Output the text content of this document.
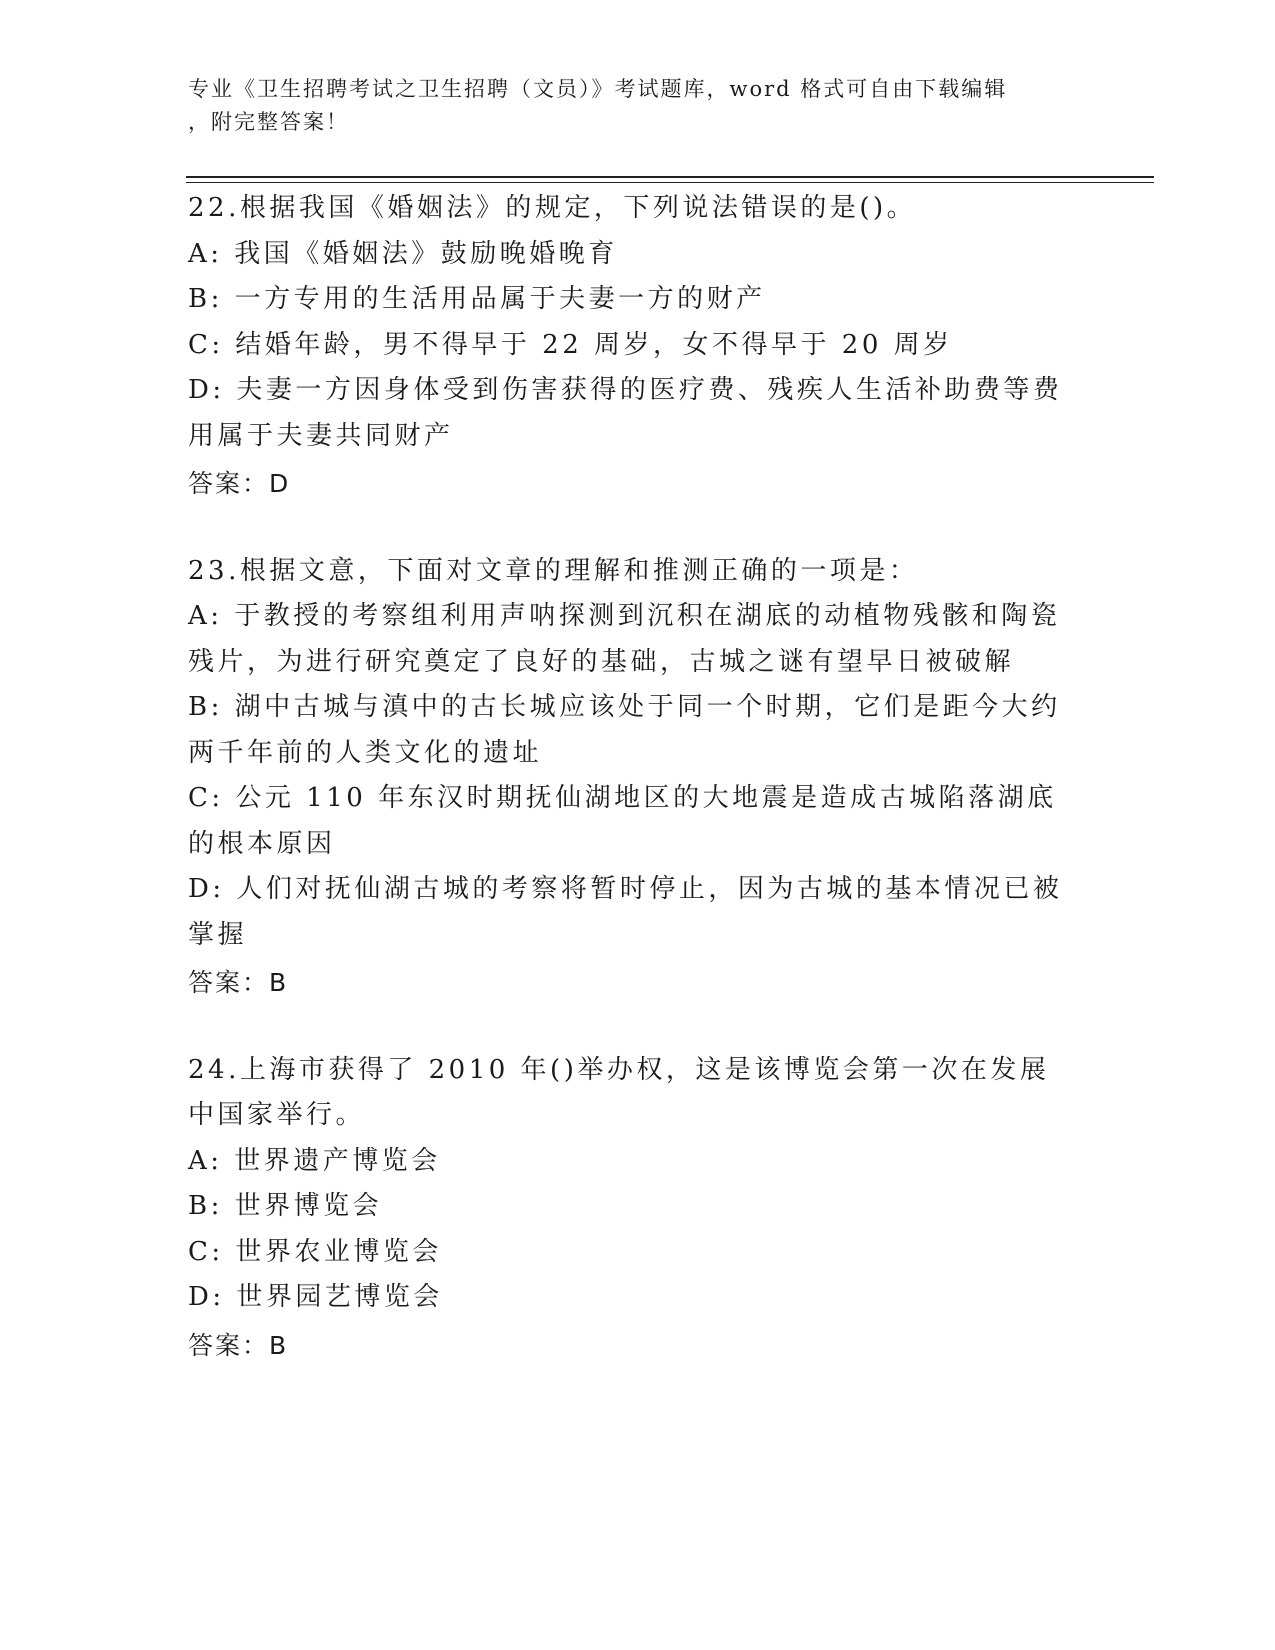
专业《卫生招聘考试之卫生招聘（文员）》考试题库，word 格式可自由下载编辑
，附完整答案！
22.根据我国《婚姻法》的规定，下列说法错误的是()。
A: 我国《婚姻法》鼓励晚婚晚育
B: 一方专用的生活用品属于夫妻一方的财产
C: 结婚年龄，男不得早于 22 周岁，女不得早于 20 周岁
D: 夫妻一方因身体受到伤害获得的医疗费、残疾人生活补助费等费用属于夫妻共同财产
答案：D
23.根据文意，下面对文章的理解和推测正确的一项是：
A: 于教授的考察组利用声呐探测到沉积在湖底的动植物残骸和陶瓷残片，为进行研究奠定了良好的基础，古城之谜有望早日被破解
B: 湖中古城与滇中的古长城应该处于同一个时期，它们是距今大约两千年前的人类文化的遗址
C: 公元 110 年东汉时期抚仙湖地区的大地震是造成古城陷落湖底的根本原因
D: 人们对抚仙湖古城的考察将暂时停止，因为古城的基本情况已被掌握
答案：B
24.上海市获得了 2010 年()举办权，这是该博览会第一次在发展中国家举行。
A: 世界遗产博览会
B: 世界博览会
C: 世界农业博览会
D: 世界园艺博览会
答案：B
